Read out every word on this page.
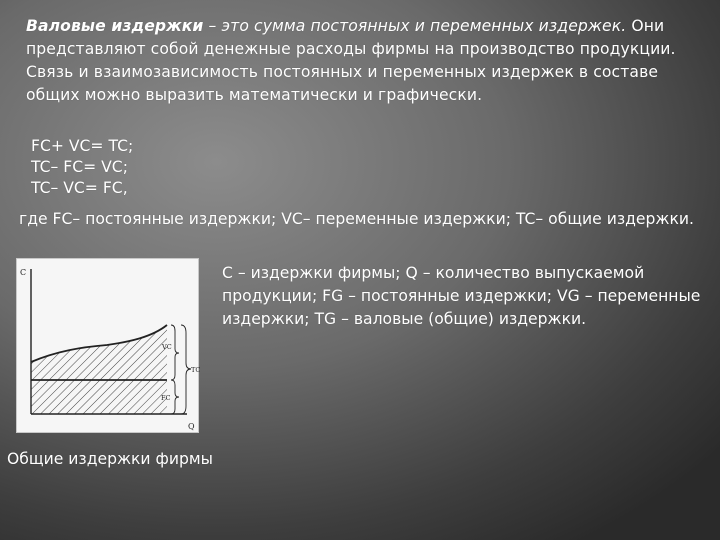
Валовые издержки – это сумма постоянных и переменных издержек. Они представляют собой денежные расходы фирмы на производство продукции. Связь и взаимозависимость постоянных и переменных издержек в составе общих можно выразить математически и графически.

FC+ VC= TC;

TC– FC= VC;

TC– VC= FC,

где FC– постоянные издержки; VC– переменные издержки; TC– общие издержки.

C
Q
VC
TC
FC

C – издержки фирмы; Q – количество выпускаемой продукции; FG – постоянные издержки; VG – переменные издержки; TG – валовые (общие) издержки.

Общие издержки фирмы
